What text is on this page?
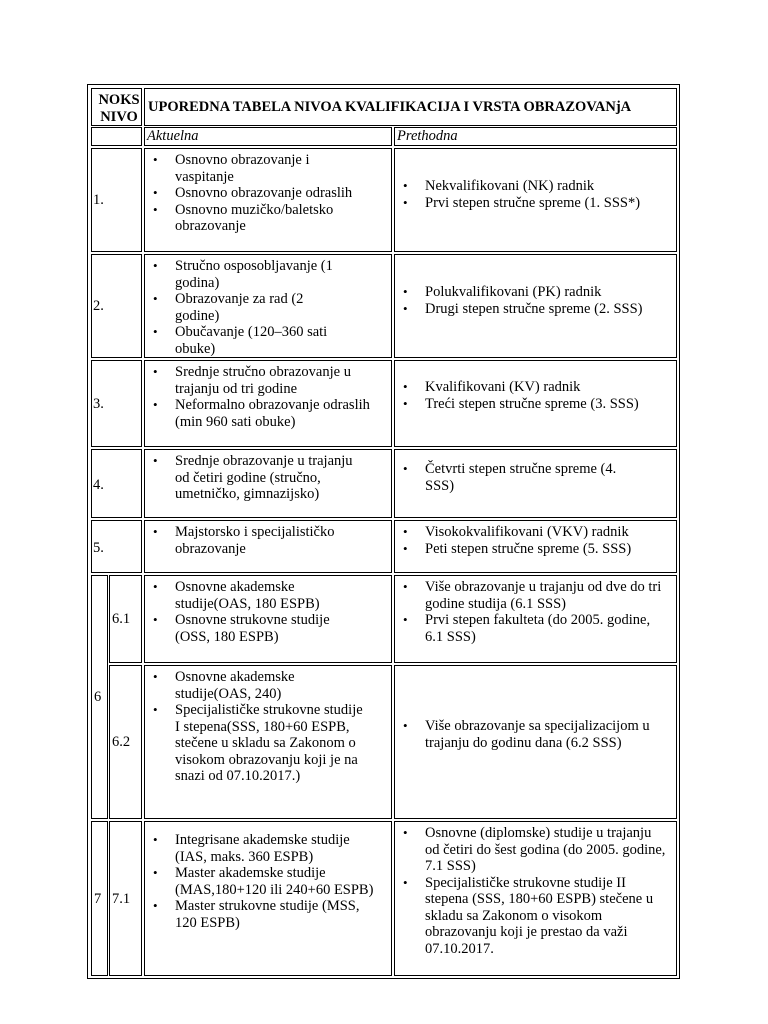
NOKS
NIVO
UPOREDNA TABELA NIVOA KVALIFIKACIJA I VRSTA OBRAZOVANjA
Aktuelna	Prethodna
1.
• Osnovno obrazovanje i vaspitanje
• Osnovno obrazovanje odraslih
• Osnovno muzičko/baletsko obrazovanje
• Nekvalifikovani (NK) radnik
• Prvi stepen stručne spreme (1. SSS*)
2.
• Stručno osposobljavanje (1 godina)
• Obrazovanje za rad (2 godine)
• Obučavanje (120–360 sati obuke)
• Polukvalifikovani (PK) radnik
• Drugi stepen stručne spreme (2. SSS)
3.
• Srednje stručno obrazovanje u trajanju od tri godine
• Neformalno obrazovanje odraslih (min 960 sati obuke)
• Kvalifikovani (KV) radnik
• Treći stepen stručne spreme (3. SSS)
4.
• Srednje obrazovanje u trajanju od četiri godine (stručno, umetničko, gimnazijsko)
• Četvrti stepen stručne spreme (4. SSS)
5.
• Majstorsko i specijalističko obrazovanje
• Visokokvalifikovani (VKV) radnik
• Peti stepen stručne spreme (5. SSS)
6
6.1
• Osnovne akademske studije(OAS, 180 ESPB)
• Osnovne strukovne studije (OSS, 180 ESPB)
• Više obrazovanje u trajanju od dve do tri godine studija (6.1 SSS)
• Prvi stepen fakulteta (do 2005. godine, 6.1 SSS)
6.2
• Osnovne akademske studije(OAS, 240)
• Specijalističke strukovne studije I stepena(SSS, 180+60 ESPB, stečene u skladu sa Zakonom o visokom obrazovanju koji je na snazi od 07.10.2017.)
• Više obrazovanje sa specijalizacijom u trajanju do godinu dana (6.2 SSS)
7 7.1
• Integrisane akademske studije (IAS, maks. 360 ESPB)
• Master akademske studije (MAS,180+120 ili 240+60 ESPB)
• Master strukovne studije (MSS, 120 ESPB)
• Osnovne (diplomske) studije u trajanju od četiri do šest godina (do 2005. godine, 7.1 SSS)
• Specijalističke strukovne studije II stepena (SSS, 180+60 ESPB) stečene u skladu sa Zakonom o visokom obrazovanju koji je prestao da važi 07.10.2017.
